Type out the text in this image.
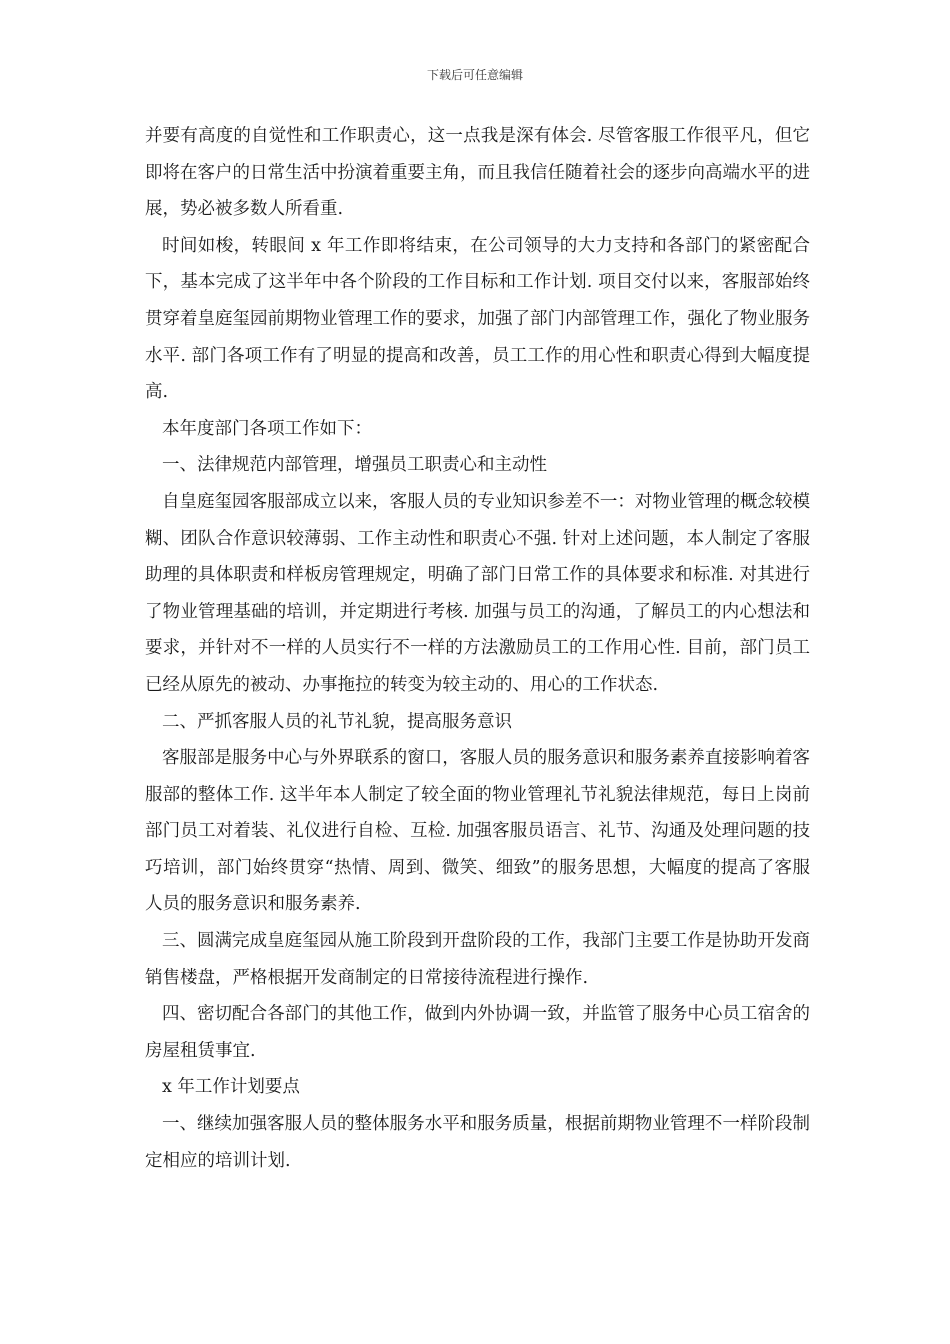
下载后可任意编辑

并要有高度的自觉性和工作职责心，这一点我是深有体会. 尽管客服工作很平凡，但它即将在客户的日常生活中扮演着重要主角，而且我信任随着社会的逐步向高端水平的进展，势必被多数人所看重.

时间如梭，转眼间 x 年工作即将结束，在公司领导的大力支持和各部门的紧密配合下，基本完成了这半年中各个阶段的工作目标和工作计划. 项目交付以来，客服部始终贯穿着皇庭玺园前期物业管理工作的要求，加强了部门内部管理工作，强化了物业服务水平. 部门各项工作有了明显的提高和改善，员工工作的用心性和职责心得到大幅度提高.

本年度部门各项工作如下：

一、法律规范内部管理，增强员工职责心和主动性

自皇庭玺园客服部成立以来，客服人员的专业知识参差不一：对物业管理的概念较模糊、团队合作意识较薄弱、工作主动性和职责心不强. 针对上述问题，本人制定了客服助理的具体职责和样板房管理规定，明确了部门日常工作的具体要求和标准. 对其进行了物业管理基础的培训，并定期进行考核. 加强与员工的沟通，了解员工的内心想法和要求，并针对不一样的人员实行不一样的方法激励员工的工作用心性. 目前，部门员工已经从原先的被动、办事拖拉的转变为较主动的、用心的工作状态.

二、严抓客服人员的礼节礼貌，提高服务意识

客服部是服务中心与外界联系的窗口，客服人员的服务意识和服务素养直接影响着客服部的整体工作. 这半年本人制定了较全面的物业管理礼节礼貌法律规范，每日上岗前部门员工对着装、礼仪进行自检、互检. 加强客服员语言、礼节、沟通及处理问题的技巧培训，部门始终贯穿“热情、周到、微笑、细致”的服务思想，大幅度的提高了客服人员的服务意识和服务素养.

三、圆满完成皇庭玺园从施工阶段到开盘阶段的工作，我部门主要工作是协助开发商销售楼盘，严格根据开发商制定的日常接待流程进行操作.

四、密切配合各部门的其他工作，做到内外协调一致，并监管了服务中心员工宿舍的房屋租赁事宜.

x 年工作计划要点

一、继续加强客服人员的整体服务水平和服务质量，根据前期物业管理不一样阶段制定相应的培训计划.
